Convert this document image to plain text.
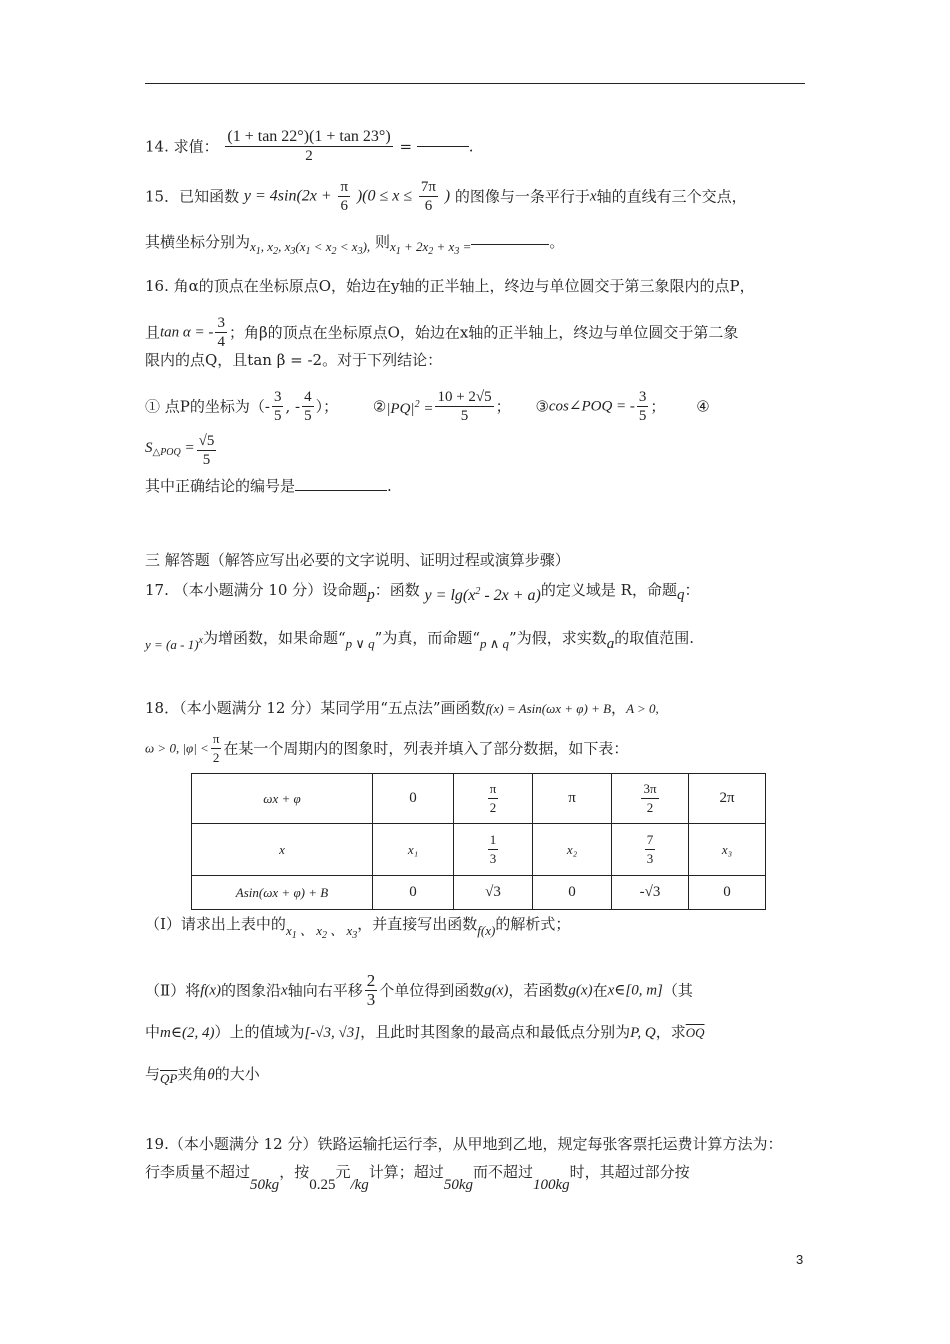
14. 求值： $\frac{(1 + \tan 22^\circ)(1 + \tan 23^\circ)}{2}$ =	.
15．已知函数 $y = 4\sin(2x + \frac{\pi}{6} )(0 \le x \le \frac{7\pi}{6}$ ) 的图像与一条平行于x轴的直线有三个交点，
其横坐标分别为$x_1$, $x_2$, $x_3(x_1 < x_2 < x_3)$, 则$x_1 + 2x_2 + x_3$ =	。
16. 角α的顶点在坐标原点O，始边在y轴的正半轴上，终边与单位圆交于第三象限内的点P，
且tan α = - $\frac{3}{4}$ ；角β的顶点在坐标原点O，始边在x轴的正半轴上，终边与单位圆交于第二象
限内的点Q，且tan β = -2。对于下列结论：
① 点P的坐标为（- $\frac{3}{5}$ , - $\frac{4}{5}$ ）； $②|PQ|^2 = \frac{10 + 2√5}{5}$ ； ③cos∠POQ = - $\frac{3}{5}$ ； ④
$S_{\triangle POQ} = \frac{√5}{5}$
其中正确结论的编号是	.
三 解答题（解答应写出必要的文字说明、证明过程或演算步骤）
17. （本小题满分 10 分）设命题p：函数 $y = \lg(x^2 - 2x + a)$的定义域是 R，命题q：
y = (a - 1)$^x$为增函数，如果命题“p ∨ q”为真，而命题“p ∧ q”为假，求实数a的取值范围.
18．（本小题满分 12 分）某同学用“五点法”画函数f(x) = Asin(ωx + φ) + B，A > 0,
ω > 0, $|\varphi| < \frac{\pi}{2}$ 在某一个周期内的图象时，列表并填入了部分数据，如下表：
ωx + φ	0	$\frac{\pi}{2}$	π	$\frac{3\pi}{2}$	2π
x	x₁	$\frac{1}{3}$	x₂	$\frac{7}{3}$	x₃
Asin(ωx + φ) + B	0	√3	0	-√3	0
（Ⅰ）请求出上表中的$x_1$ 、 $x_2$ 、 $x_3$，并直接写出函数f(x)的解析式；
（Ⅱ）将f(x)的图象沿x轴向右平移 $\frac{2}{3}$ 个单位得到函数g(x)，若函数g(x)在x∈[0, m]（其
中m∈(2, 4)）上的值域为[-√3, √3]，且此时其图象的最高点和最低点分别为P, Q，求$\overline{OQ}$
与$\overline{QP}$夹角θ的大小
19.（本小题满分 12 分）铁路运输托运行李，从甲地到乙地，规定每张客票托运费计算方法为：
行李质量不超过50kg，按0.25元/kg计算；超过50kg而不超过100kg时，其超过部分按
3
